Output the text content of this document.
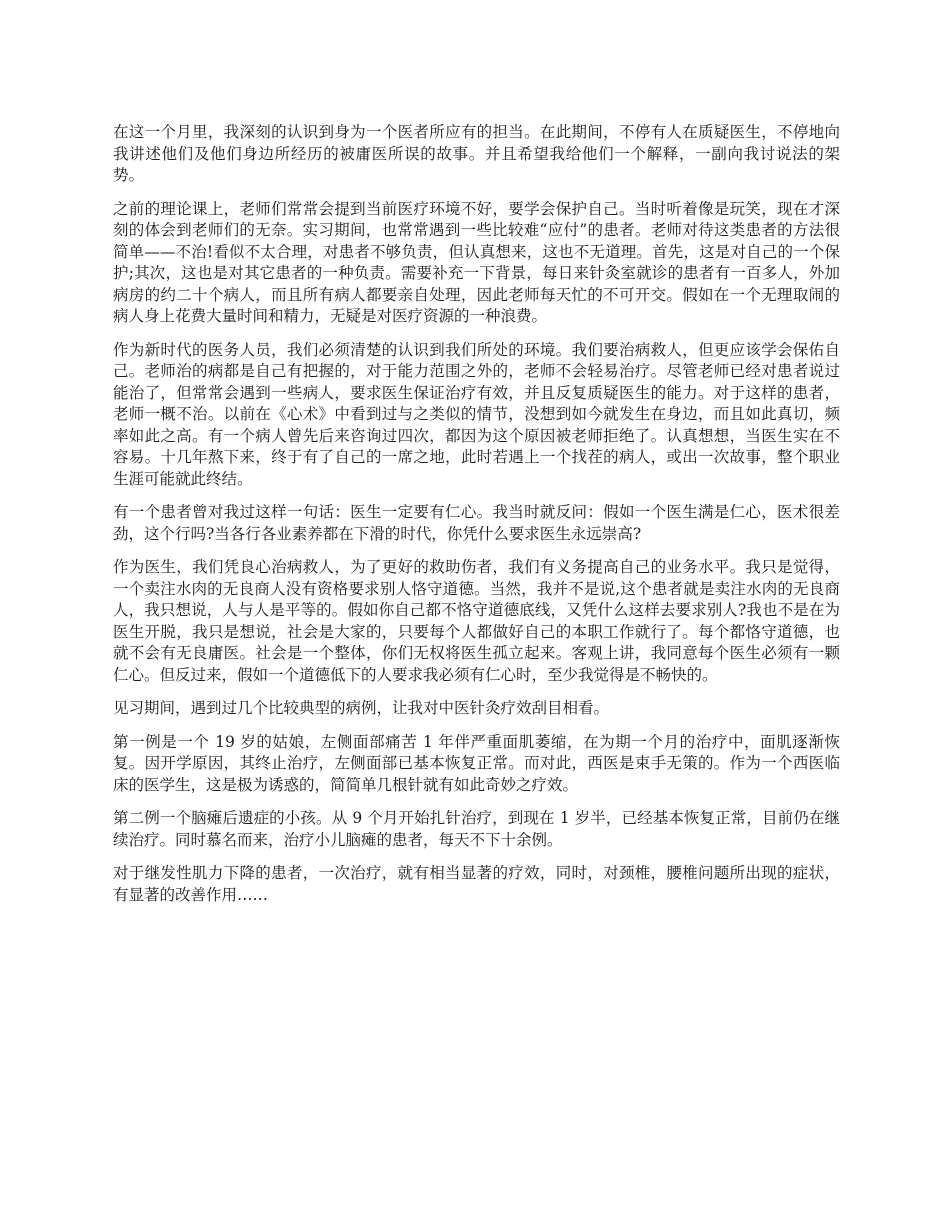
在这一个月里，我深刻的认识到身为一个医者所应有的担当。在此期间，不停有人在质疑医生，不停地向我讲述他们及他们身边所经历的被庸医所误的故事。并且希望我给他们一个解释，一副向我讨说法的架势。

之前的理论课上，老师们常常会提到当前医疗环境不好，要学会保护自己。当时听着像是玩笑，现在才深刻的体会到老师们的无奈。实习期间，也常常遇到一些比较难“应付”的患者。老师对待这类患者的方法很简单——不治!看似不太合理，对患者不够负责，但认真想来，这也不无道理。首先，这是对自己的一个保护;其次，这也是对其它患者的一种负责。需要补充一下背景，每日来针灸室就诊的患者有一百多人，外加病房的约二十个病人，而且所有病人都要亲自处理，因此老师每天忙的不可开交。假如在一个无理取闹的病人身上花费大量时间和精力，无疑是对医疗资源的一种浪费。

作为新时代的医务人员，我们必须清楚的认识到我们所处的环境。我们要治病救人，但更应该学会保佑自己。老师治的病都是自己有把握的，对于能力范围之外的，老师不会轻易治疗。尽管老师已经对患者说过能治了，但常常会遇到一些病人，要求医生保证治疗有效，并且反复质疑医生的能力。对于这样的患者，老师一概不治。以前在《心术》中看到过与之类似的情节，没想到如今就发生在身边，而且如此真切，频率如此之高。有一个病人曾先后来咨询过四次，都因为这个原因被老师拒绝了。认真想想，当医生实在不容易。十几年熬下来，终于有了自己的一席之地，此时若遇上一个找茬的病人，或出一次故事，整个职业生涯可能就此终结。

有一个患者曾对我过这样一句话：医生一定要有仁心。我当时就反问：假如一个医生满是仁心，医术很差劲，这个行吗?当各行各业素养都在下滑的时代，你凭什么要求医生永远崇高?

作为医生，我们凭良心治病救人，为了更好的救助伤者，我们有义务提高自己的业务水平。我只是觉得，一个卖注水肉的无良商人没有资格要求别人恪守道德。当然，我并不是说,这个患者就是卖注水肉的无良商人，我只想说，人与人是平等的。假如你自己都不恪守道德底线，又凭什么这样去要求别人?我也不是在为医生开脱，我只是想说，社会是大家的，只要每个人都做好自己的本职工作就行了。每个都恪守道德，也就不会有无良庸医。社会是一个整体，你们无权将医生孤立起来。客观上讲，我同意每个医生必须有一颗仁心。但反过来，假如一个道德低下的人要求我必须有仁心时，至少我觉得是不畅快的。

见习期间，遇到过几个比较典型的病例，让我对中医针灸疗效刮目相看。

第一例是一个 19 岁的姑娘，左侧面部痛苦 1 年伴严重面肌萎缩，在为期一个月的治疗中，面肌逐渐恢复。因开学原因，其终止治疗，左侧面部已基本恢复正常。而对此，西医是束手无策的。作为一个西医临床的医学生，这是极为诱惑的，简简单几根针就有如此奇妙之疗效。

第二例一个脑瘫后遗症的小孩。从 9 个月开始扎针治疗，到现在 1 岁半，已经基本恢复正常，目前仍在继续治疗。同时慕名而来，治疗小儿脑瘫的患者，每天不下十余例。

对于继发性肌力下降的患者，一次治疗，就有相当显著的疗效，同时，对颈椎，腰椎问题所出现的症状，有显著的改善作用……
